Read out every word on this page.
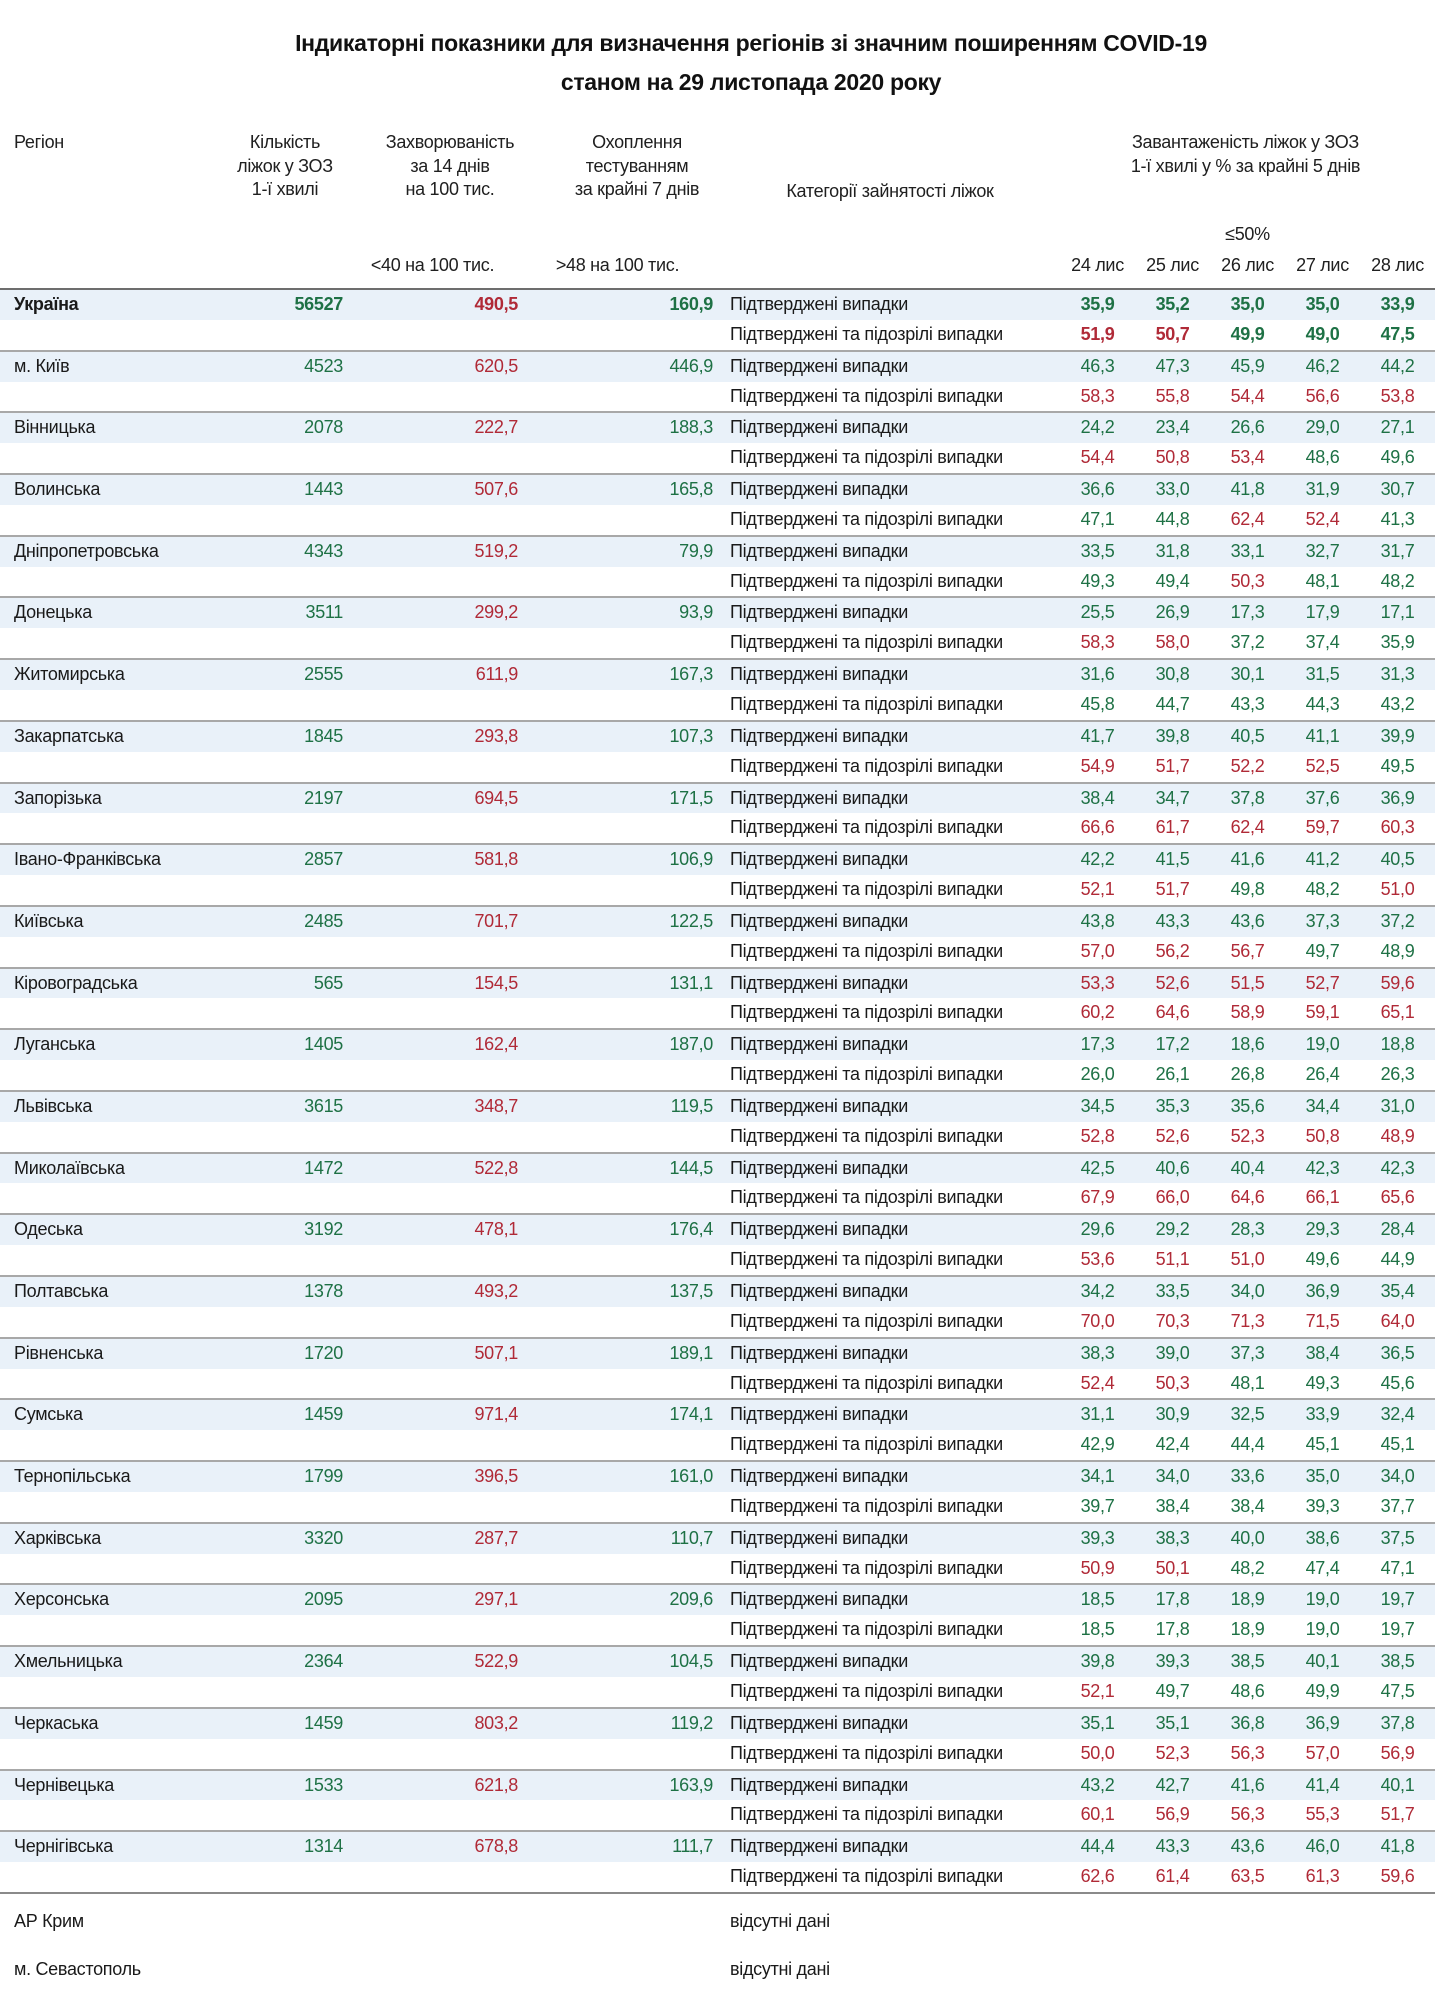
Індикаторні показники для визначення регіонів зі значним поширенням COVID-19
станом на 29 листопада 2020 року
Регіон	Кількість
ліжок у ЗОЗ
1-ї хвилі
Захворюваність
за 14 днів
на 100 тис.
Охоплення
тестуванням
за крайні 7 днів	Категорії зайнятості ліжок
Завантаженість ліжок у ЗОЗ
1-ї хвилі у % за крайні 5 днів
≤50%
<40 на 100 тис.	>48 на 100 тис.	24 лис	25 лис	26 лис	27 лис	28 лис
Україна	56527	490,5	160,9 Підтверджені випадки	35,9	35,2	35,0	35,0	33,9
Підтверджені та підозрілі випадки	51,9	50,7	49,9	49,0	47,5
м. Київ	4523	620,5	446,9 Підтверджені випадки	46,3	47,3	45,9	46,2	44,2
Підтверджені та підозрілі випадки	58,3	55,8	54,4	56,6	53,8
Вінницька	2078	222,7	188,3 Підтверджені випадки	24,2	23,4	26,6	29,0	27,1
Підтверджені та підозрілі випадки	54,4	50,8	53,4	48,6	49,6
Волинська	1443	507,6	165,8 Підтверджені випадки	36,6	33,0	41,8	31,9	30,7
Підтверджені та підозрілі випадки	47,1	44,8	62,4	52,4	41,3
Дніпропетровська	4343	519,2	79,9 Підтверджені випадки	33,5	31,8	33,1	32,7	31,7
Підтверджені та підозрілі випадки	49,3	49,4	50,3	48,1	48,2
Донецька	3511	299,2	93,9 Підтверджені випадки	25,5	26,9	17,3	17,9	17,1
Підтверджені та підозрілі випадки	58,3	58,0	37,2	37,4	35,9
Житомирська	2555	611,9	167,3 Підтверджені випадки	31,6	30,8	30,1	31,5	31,3
Підтверджені та підозрілі випадки	45,8	44,7	43,3	44,3	43,2
Закарпатська	1845	293,8	107,3 Підтверджені випадки	41,7	39,8	40,5	41,1	39,9
Підтверджені та підозрілі випадки	54,9	51,7	52,2	52,5	49,5
Запорізька	2197	694,5	171,5 Підтверджені випадки	38,4	34,7	37,8	37,6	36,9
Підтверджені та підозрілі випадки	66,6	61,7	62,4	59,7	60,3
Івано-Франківська	2857	581,8	106,9 Підтверджені випадки	42,2	41,5	41,6	41,2	40,5
Підтверджені та підозрілі випадки	52,1	51,7	49,8	48,2	51,0
Київська	2485	701,7	122,5 Підтверджені випадки	43,8	43,3	43,6	37,3	37,2
Підтверджені та підозрілі випадки	57,0	56,2	56,7	49,7	48,9
Кіровоградська	565	154,5	131,1 Підтверджені випадки	53,3	52,6	51,5	52,7	59,6
Підтверджені та підозрілі випадки	60,2	64,6	58,9	59,1	65,1
Луганська	1405	162,4	187,0 Підтверджені випадки	17,3	17,2	18,6	19,0	18,8
Підтверджені та підозрілі випадки	26,0	26,1	26,8	26,4	26,3
Львівська	3615	348,7	119,5 Підтверджені випадки	34,5	35,3	35,6	34,4	31,0
Підтверджені та підозрілі випадки	52,8	52,6	52,3	50,8	48,9
Миколаївська	1472	522,8	144,5 Підтверджені випадки	42,5	40,6	40,4	42,3	42,3
Підтверджені та підозрілі випадки	67,9	66,0	64,6	66,1	65,6
Одеська	3192	478,1	176,4 Підтверджені випадки	29,6	29,2	28,3	29,3	28,4
Підтверджені та підозрілі випадки	53,6	51,1	51,0	49,6	44,9
Полтавська	1378	493,2	137,5 Підтверджені випадки	34,2	33,5	34,0	36,9	35,4
Підтверджені та підозрілі випадки	70,0	70,3	71,3	71,5	64,0
Рівненська	1720	507,1	189,1 Підтверджені випадки	38,3	39,0	37,3	38,4	36,5
Підтверджені та підозрілі випадки	52,4	50,3	48,1	49,3	45,6
Сумська	1459	971,4	174,1 Підтверджені випадки	31,1	30,9	32,5	33,9	32,4
Підтверджені та підозрілі випадки	42,9	42,4	44,4	45,1	45,1
Тернопільська	1799	396,5	161,0 Підтверджені випадки	34,1	34,0	33,6	35,0	34,0
Підтверджені та підозрілі випадки	39,7	38,4	38,4	39,3	37,7
Харківська	3320	287,7	110,7 Підтверджені випадки	39,3	38,3	40,0	38,6	37,5
Підтверджені та підозрілі випадки	50,9	50,1	48,2	47,4	47,1
Херсонська	2095	297,1	209,6 Підтверджені випадки	18,5	17,8	18,9	19,0	19,7
Підтверджені та підозрілі випадки	18,5	17,8	18,9	19,0	19,7
Хмельницька	2364	522,9	104,5 Підтверджені випадки	39,8	39,3	38,5	40,1	38,5
Підтверджені та підозрілі випадки	52,1	49,7	48,6	49,9	47,5
Черкаська	1459	803,2	119,2 Підтверджені випадки	35,1	35,1	36,8	36,9	37,8
Підтверджені та підозрілі випадки	50,0	52,3	56,3	57,0	56,9
Чернівецька	1533	621,8	163,9 Підтверджені випадки	43,2	42,7	41,6	41,4	40,1
Підтверджені та підозрілі випадки	60,1	56,9	56,3	55,3	51,7
Чернігівська	1314	678,8	111,7 Підтверджені випадки	44,4	43,3	43,6	46,0	41,8
Підтверджені та підозрілі випадки	62,6	61,4	63,5	61,3	59,6
АР Крим	відсутні дані
м. Севастополь	відсутні дані
